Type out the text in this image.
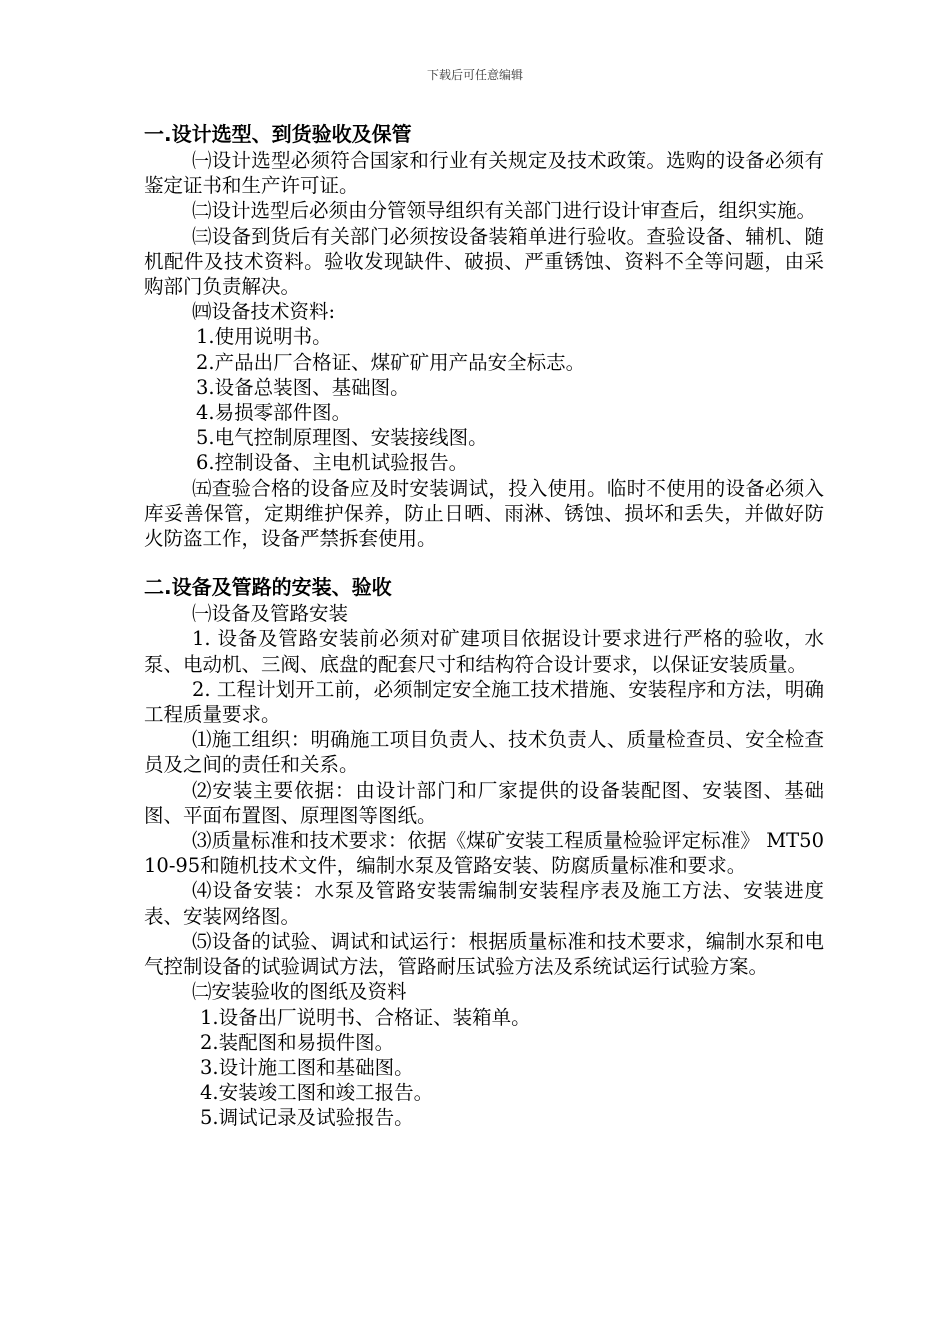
下载后可任意编辑
一.设计选型、到货验收及保管
㈠设计选型必须符合国家和行业有关规定及技术政策。选购的设备必须有鉴定证书和生产许可证。
㈡设计选型后必须由分管领导组织有关部门进行设计审查后，组织实施。
㈢设备到货后有关部门必须按设备装箱单进行验收。查验设备、辅机、随机配件及技术资料。验收发现缺件、破损、严重锈蚀、资料不全等问题，由采购部门负责解决。
㈣设备技术资料:
1.使用说明书。
2.产品出厂合格证、煤矿矿用产品安全标志。
3.设备总装图、基础图。
4.易损零部件图。
5.电气控制原理图、安装接线图。
6.控制设备、主电机试验报告。
㈤查验合格的设备应及时安装调试，投入使用。临时不使用的设备必须入库妥善保管，定期维护保养，防止日晒、雨淋、锈蚀、损坏和丢失，并做好防火防盗工作，设备严禁拆套使用。
二.设备及管路的安装、验收
㈠设备及管路安装
1. 设备及管路安装前必须对矿建项目依据设计要求进行严格的验收，水泵、电动机、三阀、底盘的配套尺寸和结构符合设计要求，以保证安装质量。
2. 工程计划开工前，必须制定安全施工技术措施、安装程序和方法，明确工程质量要求。
⑴施工组织：明确施工项目负责人、技术负责人、质量检查员、安全检查员及之间的责任和关系。
⑵安装主要依据：由设计部门和厂家提供的设备装配图、安装图、基础图、平面布置图、原理图等图纸。
⑶质量标准和技术要求：依据《煤矿安装工程质量检验评定标准》 MT5010-95和随机技术文件，编制水泵及管路安装、防腐质量标准和要求。
⑷设备安装：水泵及管路安装需编制安装程序表及施工方法、安装进度表、安装网络图。
⑸设备的试验、调试和试运行：根据质量标准和技术要求，编制水泵和电气控制设备的试验调试方法，管路耐压试验方法及系统试运行试验方案。
㈡安装验收的图纸及资料
1.设备出厂说明书、合格证、装箱单。
2.装配图和易损件图。
3.设计施工图和基础图。
4.安装竣工图和竣工报告。
5.调试记录及试验报告。
